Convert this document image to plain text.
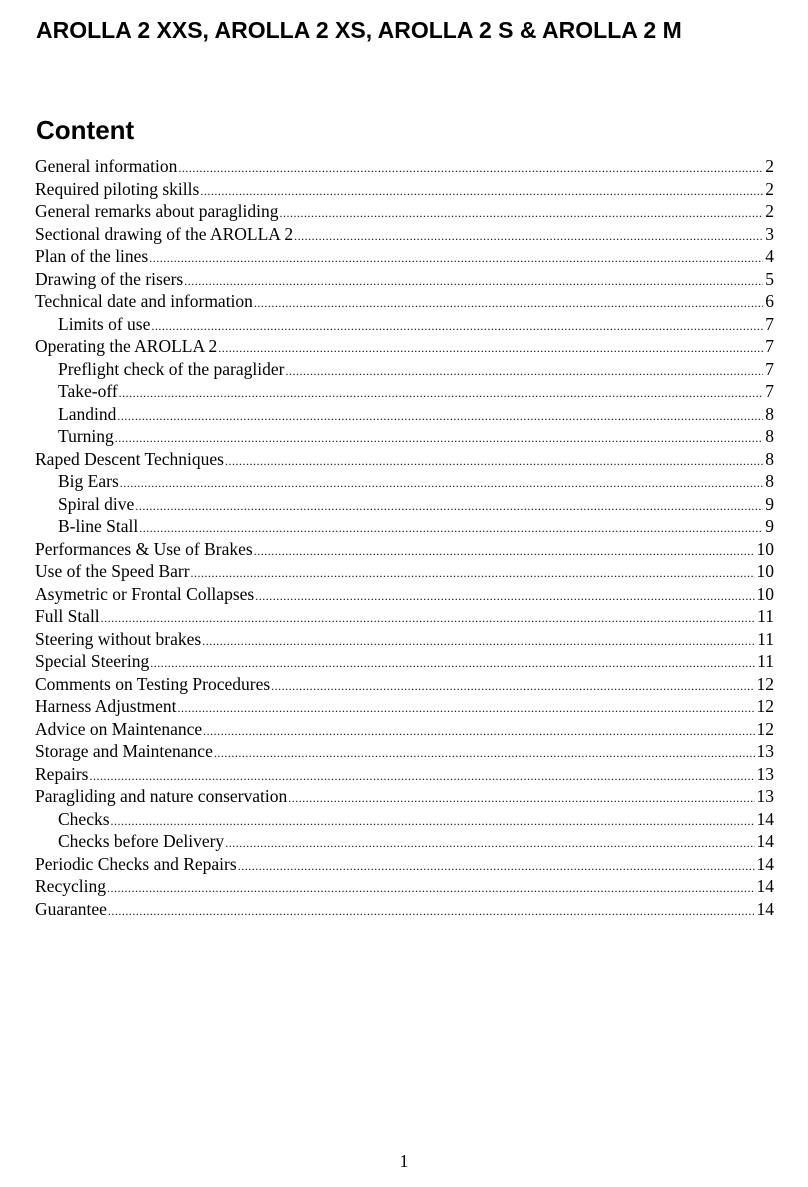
AROLLA 2 XXS, AROLLA 2 XS, AROLLA 2 S & AROLLA 2 M
Content
General information .....	2
Required piloting skills .....	2
General remarks about paragliding .....	2
Sectional drawing of the AROLLA 2 .....	3
Plan of the lines .....	4
Drawing of the risers .....	5
Technical date and information .....	6
Limits of use .....	7
Operating the AROLLA 2 .....	7
Preflight check of the paraglider .....	7
Take-off .....	7
Landind .....	8
Turning .....	8
Raped Descent Techniques .....	8
Big Ears .....	8
Spiral dive .....	9
B-line Stall .....	9
Performances & Use of Brakes .....	10
Use of the Speed Barr .....	10
Asymetric or Frontal Collapses .....	10
Full Stall .....	11
Steering without brakes .....	11
Special Steering .....	11
Comments on Testing Procedures .....	12
Harness Adjustment .....	12
Advice on Maintenance .....	12
Storage and Maintenance .....	13
Repairs .....	13
Paragliding and nature conservation .....	13
Checks .....	14
Checks before Delivery .....	14
Periodic Checks and Repairs .....	14
Recycling .....	14
Guarantee .....	14
1
